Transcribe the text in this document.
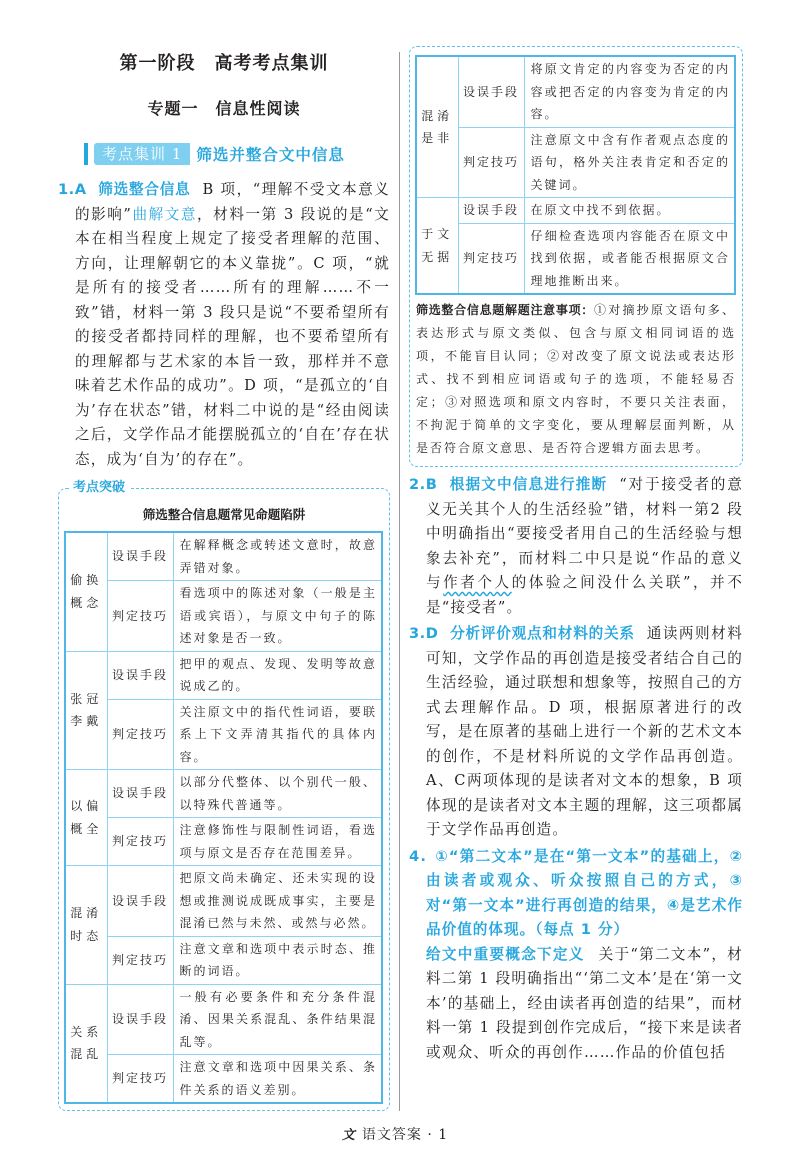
第一阶段　高考考点集训
专题一　信息性阅读
考点集训 1 筛选并整合文中信息
1.A 筛选整合信息 B 项，“理解不受文本意义的影响”曲解文意，材料一第 3 段说的是“文本在相当程度上规定了接受者理解的范围、方向，让理解朝它的本义靠拢”。C 项，“就是所有的接受者……所有的理解……不一致”错，材料一第 3 段只是说“不要希望所有的接受者都持同样的理解，也不要希望所有的理解都与艺术家的本旨一致，那样并不意味着艺术作品的成功”。D 项，“是孤立的‘自为’存在状态”错，材料二中说的是“经由阅读之后，文学作品才能摆脱孤立的‘自在’存在状态，成为‘自为’的存在”。
考点突破
筛选整合信息题常见命题陷阱
偷换概念	设误手段	在解释概念或转述文意时，故意弄错对象。
	判定技巧	看选项中的陈述对象（一般是主语或宾语），与原文中句子的陈述对象是否一致。
张冠李戴	设误手段	把甲的观点、发现、发明等故意说成乙的。
	判定技巧	关注原文中的指代性词语，要联系上下文弄清其指代的具体内容。
以偏概全	设误手段	以部分代整体、以个别代一般、以特殊代普通等。
	判定技巧	注意修饰性与限制性词语，看选项与原文是否存在范围差异。
混淆时态	设误手段	把原文尚未确定、还未实现的设想或推测说成既成事实，主要是混淆已然与未然、或然与必然。
	判定技巧	注意文章和选项中表示时态、推断的词语。
关系混乱	设误手段	一般有必要条件和充分条件混淆、因果关系混乱、条件结果混乱等。
	判定技巧	注意文章和选项中因果关系、条件关系的语义差别。
混淆是非	设误手段	将原文肯定的内容变为否定的内容或把否定的内容变为肯定的内容。
	判定技巧	注意原文中含有作者观点态度的语句，格外关注表肯定和否定的关键词。
于文无据	设误手段	在原文中找不到依据。
	判定技巧	仔细检查选项内容能否在原文中找到依据，或者能否根据原文合理地推断出来。
筛选整合信息题解题注意事项：①对摘抄原文语句多、表达形式与原文类似、包含与原文相同词语的选项，不能盲目认同；②对改变了原文说法或表达形式、找不到相应词语或句子的选项，不能轻易否定；③对照选项和原文内容时，不要只关注表面，不拘泥于简单的文字变化，要从理解层面判断，从是否符合原文意思、是否符合逻辑方面去思考。
2.B 根据文中信息进行推断 “对于接受者的意义无关其个人的生活经验”错，材料一第2 段中明确指出“要接受者用自己的生活经验与想象去补充”，而材料二中只是说“作品的意义与作者个人的体验之间没什么关联”，并不是“接受者”。
3.D 分析评价观点和材料的关系 通读两则材料可知，文学作品的再创造是接受者结合自己的生活经验，通过联想和想象等，按照自己的方式去理解作品。D 项，根据原著进行的改写，是在原著的基础上进行一个新的艺术文本的创作，不是材料所说的文学作品再创造。A、C两项体现的是读者对文本的想象，B 项体现的是读者对文本主题的理解，这三项都属于文学作品再创造。
4. ①“第二文本”是在“第一文本”的基础上，②由读者或观众、听众按照自己的方式，③对“第一文本”进行再创造的结果，④是艺术作品价值的体现。（每点 1 分）
给文中重要概念下定义 关于“第二文本”，材料二第 1 段明确指出“‘第二文本’是在‘第一文本’的基础上，经由读者再创造的结果”，而材料一第 1 段提到创作完成后，“接下来是读者或观众、听众的再创作……作品的价值包括
文 语文答案 · 1
